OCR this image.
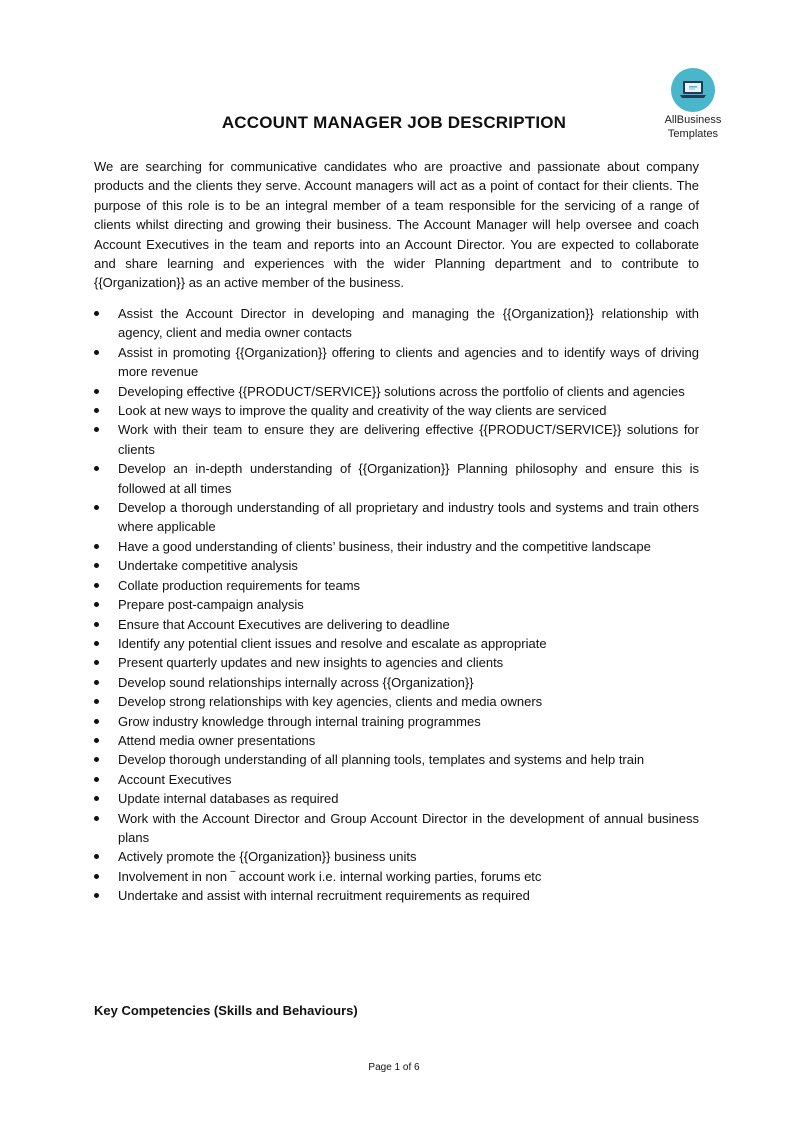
AllBusiness
Templates
ACCOUNT MANAGER JOB DESCRIPTION
We are searching for communicative candidates who are proactive and passionate about company products and the clients they serve. Account managers will act as a point of contact for their clients. The purpose of this role is to be an integral member of a team responsible for the servicing of a range of clients whilst directing and growing their business. The Account Manager will help oversee and coach Account Executives in the team and reports into an Account Director. You are expected to collaborate and share learning and experiences with the wider Planning department and to contribute to {{Organization}} as an active member of the business.
Assist the Account Director in developing and managing the {{Organization}} relationship with agency, client and media owner contacts
Assist in promoting {{Organization}} offering to clients and agencies and to identify ways of driving more revenue
Developing effective {{PRODUCT/SERVICE}} solutions across the portfolio of clients and agencies
Look at new ways to improve the quality and creativity of the way clients are serviced
Work with their team to ensure they are delivering effective {{PRODUCT/SERVICE}} solutions for clients
Develop an in-depth understanding of {{Organization}} Planning philosophy and ensure this is followed at all times
Develop a thorough understanding of all proprietary and industry tools and systems and train others where applicable
Have a good understanding of clients’ business, their industry and the competitive landscape
Undertake competitive analysis
Collate production requirements for teams
Prepare post-campaign analysis
Ensure that Account Executives are delivering to deadline
Identify any potential client issues and resolve and escalate as appropriate
Present quarterly updates and new insights to agencies and clients
Develop sound relationships internally across {{Organization}}
Develop strong relationships with key agencies, clients and media owners
Grow industry knowledge through internal training programmes
Attend media owner presentations
Develop thorough understanding of all planning tools, templates and systems and help train
Account Executives
Update internal databases as required
Work with the Account Director and Group Account Director in the development of annual business plans
Actively promote the {{Organization}} business units
Involvement in non ‾ account work i.e. internal working parties, forums etc
Undertake and assist with internal recruitment requirements as required
Key Competencies (Skills and Behaviours)
Page 1 of 6
